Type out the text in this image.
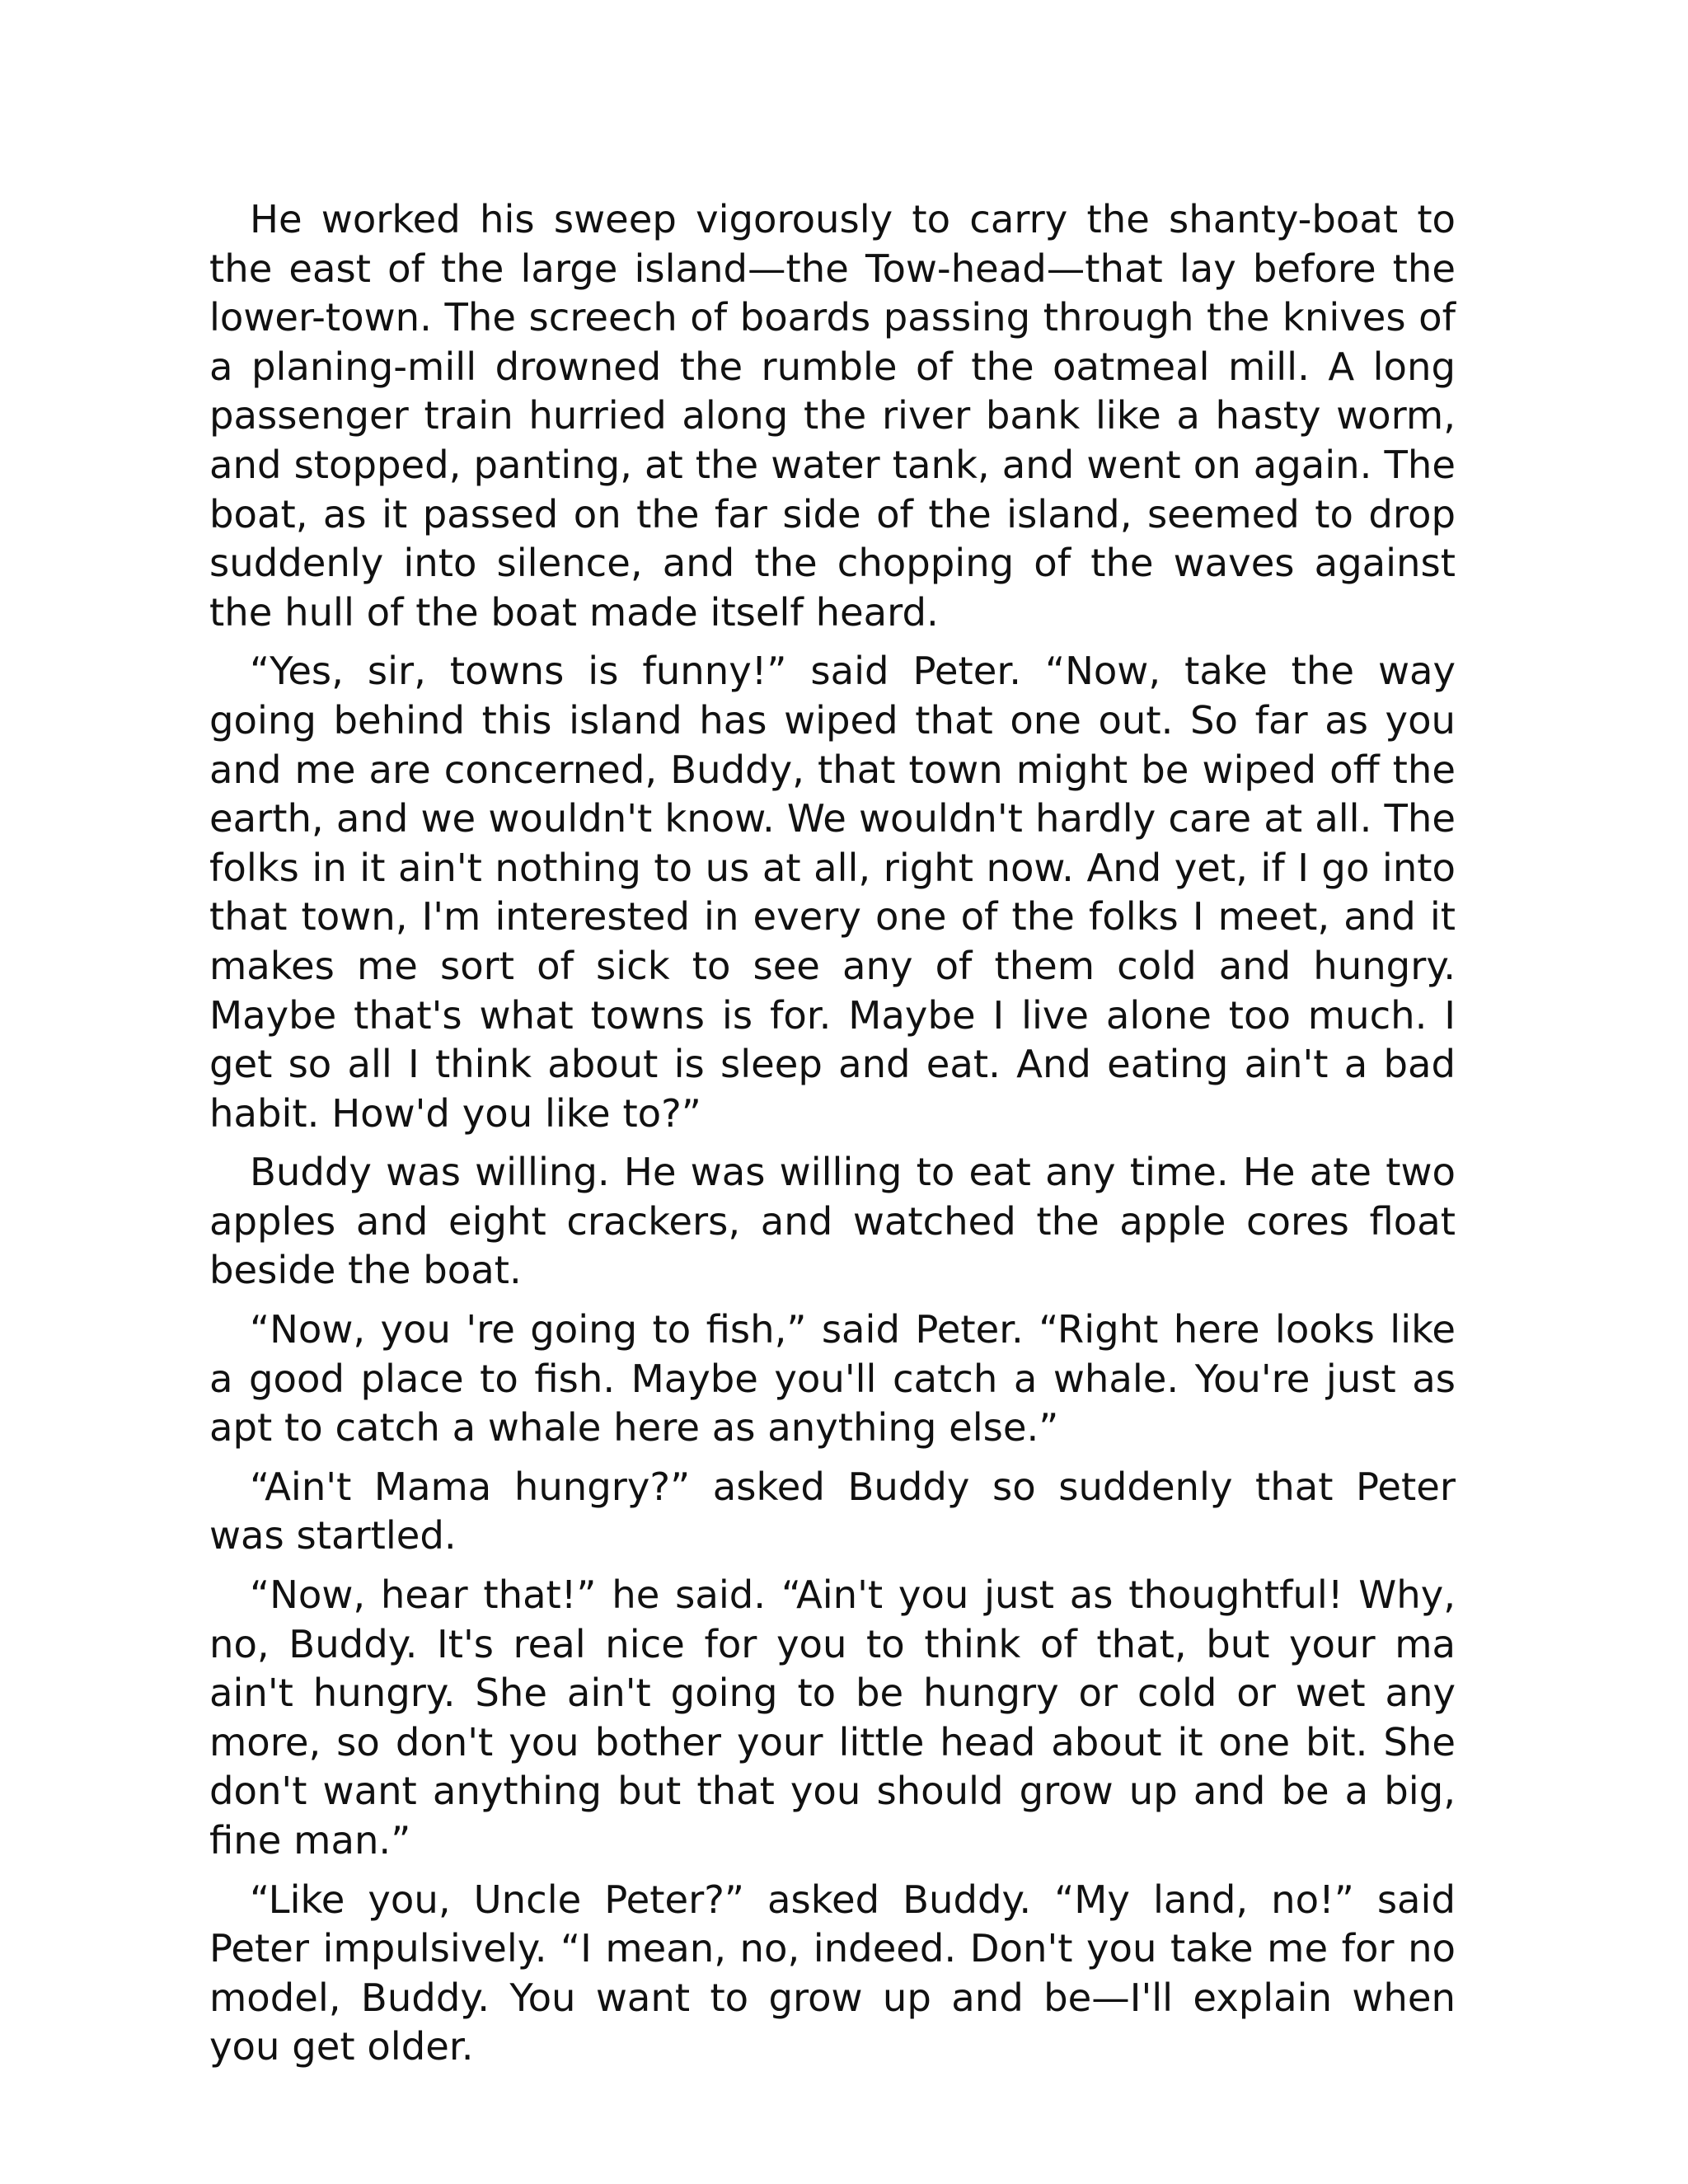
He worked his sweep vigorously to carry the shanty-boat to the east of the large island—the Tow-head—that lay before the lower-town. The screech of boards passing through the knives of a planing-mill drowned the rumble of the oatmeal mill. A long passenger train hurried along the river bank like a hasty worm, and stopped, panting, at the water tank, and went on again. The boat, as it passed on the far side of the island, seemed to drop suddenly into silence, and the chopping of the waves against the hull of the boat made itself heard.

“Yes, sir, towns is funny!” said Peter. “Now, take the way going behind this island has wiped that one out. So far as you and me are concerned, Buddy, that town might be wiped off the earth, and we wouldn't know. We wouldn't hardly care at all. The folks in it ain't nothing to us at all, right now. And yet, if I go into that town, I'm interested in every one of the folks I meet, and it makes me sort of sick to see any of them cold and hungry. Maybe that's what towns is for. Maybe I live alone too much. I get so all I think about is sleep and eat. And eating ain't a bad habit. How'd you like to?”

Buddy was willing. He was willing to eat any time. He ate two apples and eight crackers, and watched the apple cores float beside the boat.

“Now, you 're going to fish,” said Peter. “Right here looks like a good place to fish. Maybe you'll catch a whale. You're just as apt to catch a whale here as anything else.”

“Ain't Mama hungry?” asked Buddy so suddenly that Peter was startled.

“Now, hear that!” he said. “Ain't you just as thoughtful! Why, no, Buddy. It's real nice for you to think of that, but your ma ain't hungry. She ain't going to be hungry or cold or wet any more, so don't you bother your little head about it one bit. She don't want anything but that you should grow up and be a big, fine man.”

“Like you, Uncle Peter?” asked Buddy. “My land, no!” said Peter impulsively. “I mean, no, indeed. Don't you take me for no model, Buddy. You want to grow up and be—I'll explain when you get older.
